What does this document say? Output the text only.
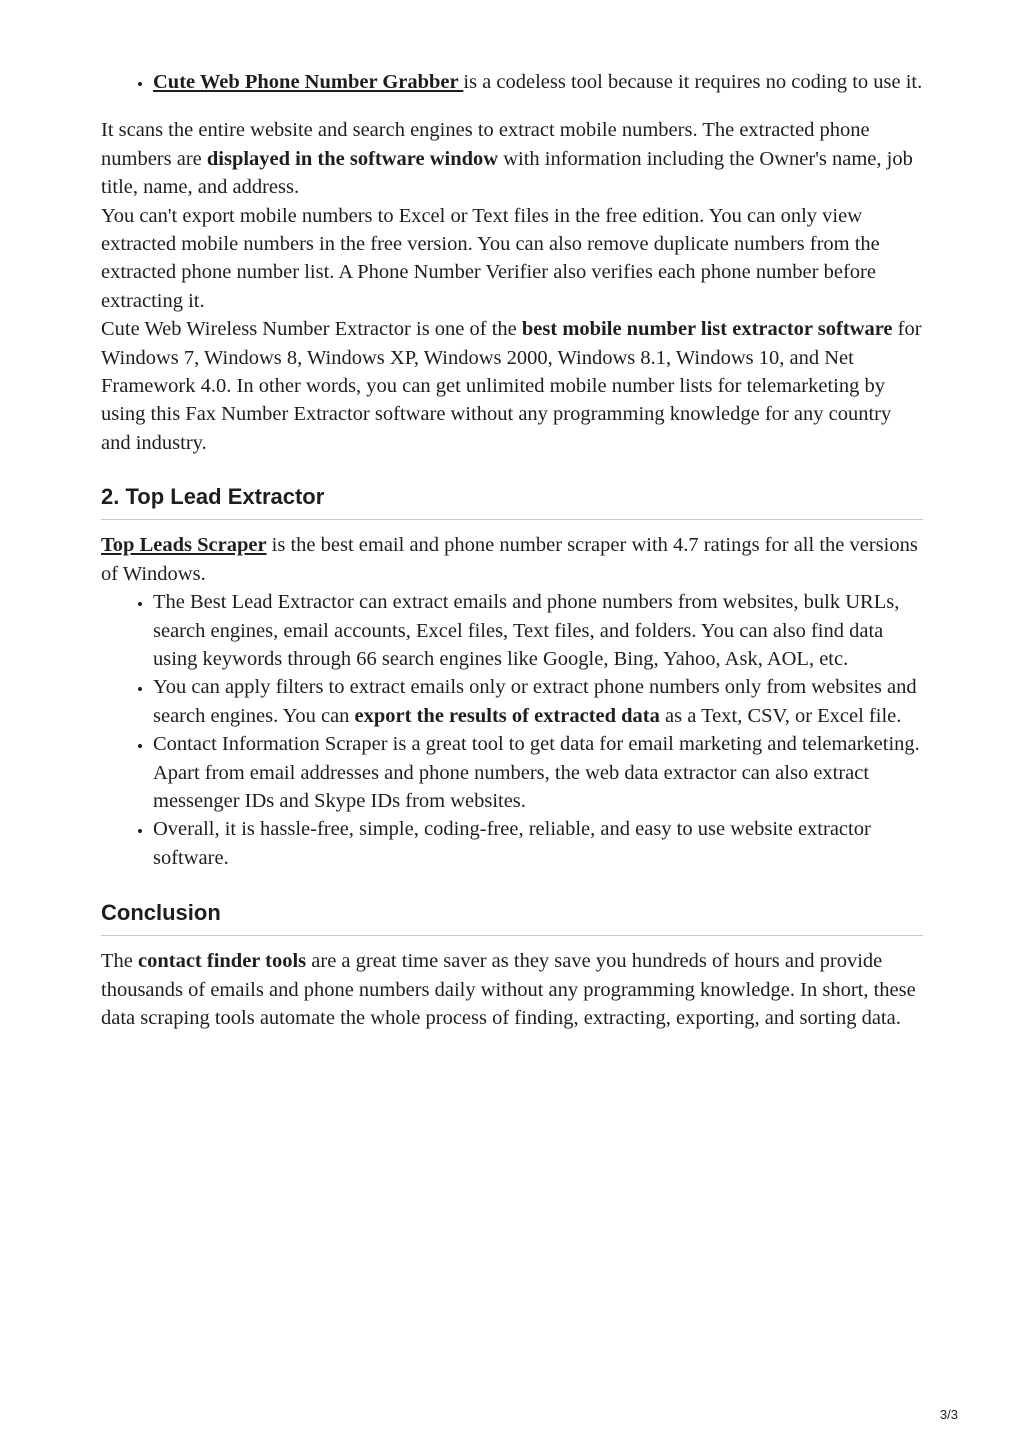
• Cute Web Phone Number Grabber is a codeless tool because it requires no coding to use it.

It scans the entire website and search engines to extract mobile numbers. The extracted phone numbers are displayed in the software window with information including the Owner's name, job title, name, and address.

You can't export mobile numbers to Excel or Text files in the free edition. You can only view extracted mobile numbers in the free version. You can also remove duplicate numbers from the extracted phone number list. A Phone Number Verifier also verifies each phone number before extracting it.

Cute Web Wireless Number Extractor is one of the best mobile number list extractor software for Windows 7, Windows 8, Windows XP, Windows 2000, Windows 8.1, Windows 10, and Net Framework 4.0. In other words, you can get unlimited mobile number lists for telemarketing by using this Fax Number Extractor software without any programming knowledge for any country and industry.

2. Top Lead Extractor

Top Leads Scraper is the best email and phone number scraper with 4.7 ratings for all the versions of Windows.

• The Best Lead Extractor can extract emails and phone numbers from websites, bulk URLs, search engines, email accounts, Excel files, Text files, and folders. You can also find data using keywords through 66 search engines like Google, Bing, Yahoo, Ask, AOL, etc.
• You can apply filters to extract emails only or extract phone numbers only from websites and search engines. You can export the results of extracted data as a Text, CSV, or Excel file.
• Contact Information Scraper is a great tool to get data for email marketing and telemarketing. Apart from email addresses and phone numbers, the web data extractor can also extract messenger IDs and Skype IDs from websites.
• Overall, it is hassle-free, simple, coding-free, reliable, and easy to use website extractor software.
Conclusion

The contact finder tools are a great time saver as they save you hundreds of hours and provide thousands of emails and phone numbers daily without any programming knowledge. In short, these data scraping tools automate the whole process of finding, extracting, exporting, and sorting data.

3/3
